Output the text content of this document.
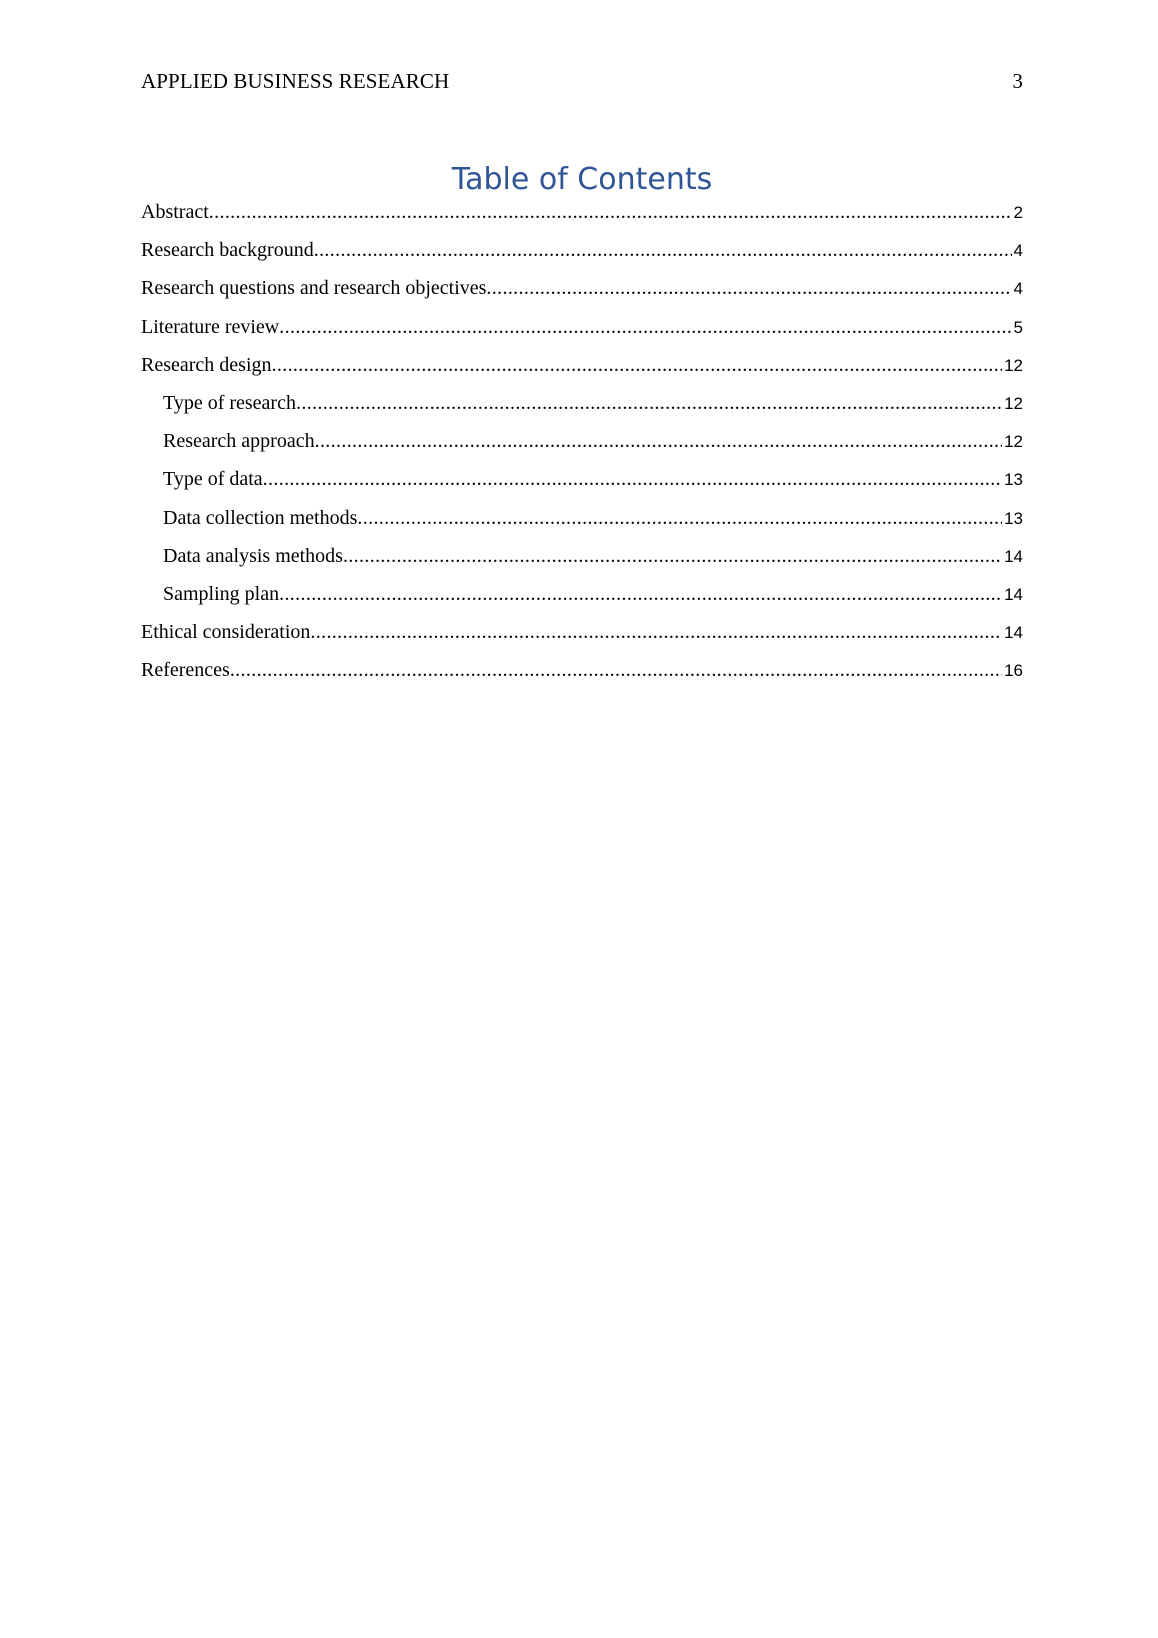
APPLIED BUSINESS RESEARCH	3
Table of Contents
Abstract .....	2
Research background .....	4
Research questions and research objectives .....	4
Literature review .....	5
Research design .....	12
Type of research .....	12
Research approach .....	12
Type of data .....	13
Data collection methods .....	13
Data analysis methods .....	14
Sampling plan .....	14
Ethical consideration .....	14
References .....	16
